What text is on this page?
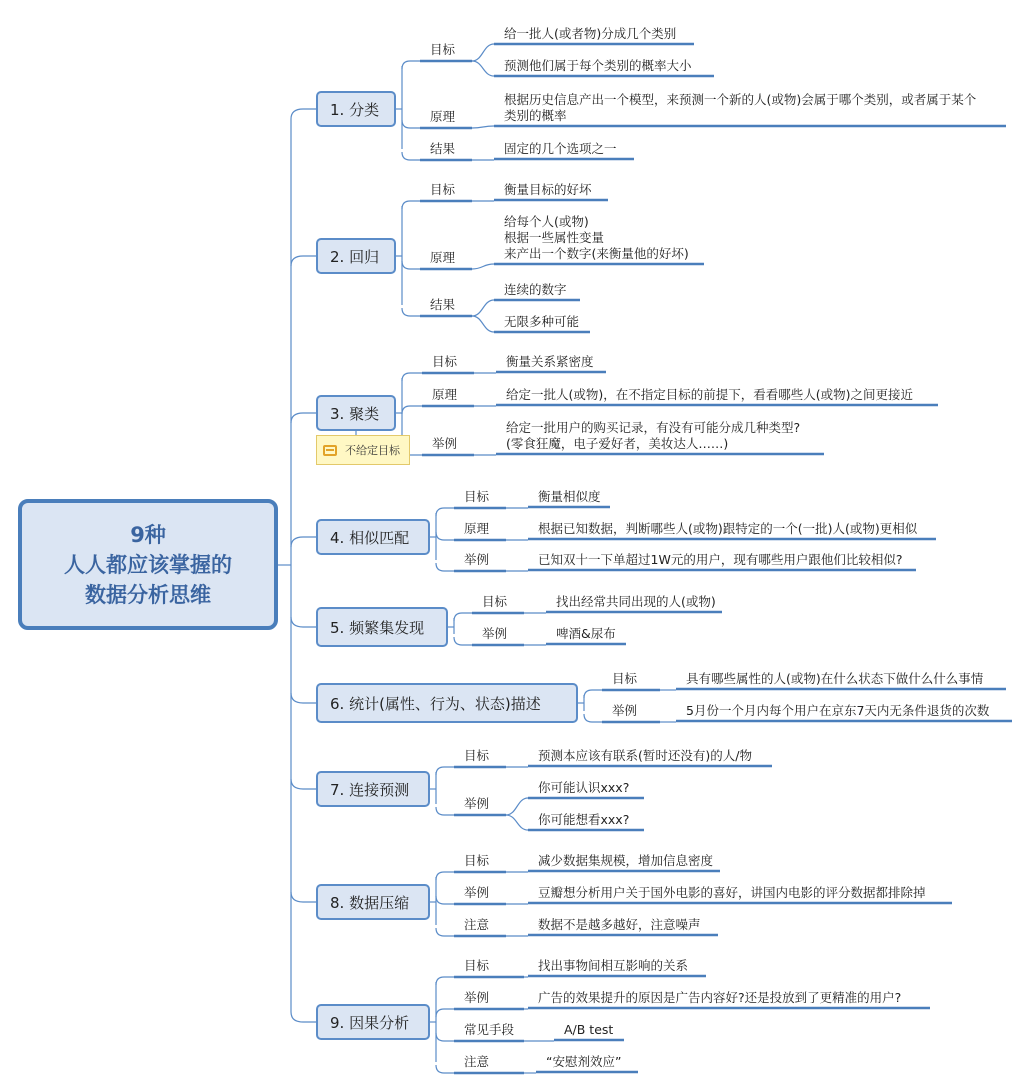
9种
人人都应该掌握的
数据分析思维
不给定目标
1. 分类
目标
给一批人(或者物)分成几个类别
预测他们属于每个类别的概率大小
原理
根据历史信息产出一个模型，来预测一个新的人(或物)会属于哪个类别，或者属于某个
类别的概率
结果	固定的几个选项之一
2. 回归
目标	衡量目标的好坏
原理
给每个人(或物)
根据一些属性变量
来产出一个数字(来衡量他的好坏)
结果
连续的数字
无限多种可能
3. 聚类
目标	衡量关系紧密度
原理	给定一批人(或物)，在不指定目标的前提下，看看哪些人(或物)之间更接近
举例
给定一批用户的购买记录，有没有可能分成几种类型?
(零食狂魔，电子爱好者，美妆达人……)
4. 相似匹配
目标	衡量相似度
原理	根据已知数据，判断哪些人(或物)跟特定的一个(一批)人(或物)更相似
举例	已知双十一下单超过1W元的用户，现有哪些用户跟他们比较相似?
5. 频繁集发现
目标	找出经常共同出现的人(或物)
举例	啤酒&尿布
6. 统计(属性、行为、状态)描述
目标	具有哪些属性的人(或物)在什么状态下做什么什么事情
举例	5月份一个月内每个用户在京东7天内无条件退货的次数
7. 连接预测
目标	预测本应该有联系(暂时还没有)的人/物
举例
你可能认识xxx?
你可能想看xxx?
8. 数据压缩
目标	减少数据集规模，增加信息密度
举例	豆瓣想分析用户关于国外电影的喜好，讲国内电影的评分数据都排除掉
注意	数据不是越多越好，注意噪声
9. 因果分析
目标	找出事物间相互影响的关系
举例	广告的效果提升的原因是广告内容好?还是投放到了更精准的用户?
常见手段	A/B test
注意	“安慰剂效应”
